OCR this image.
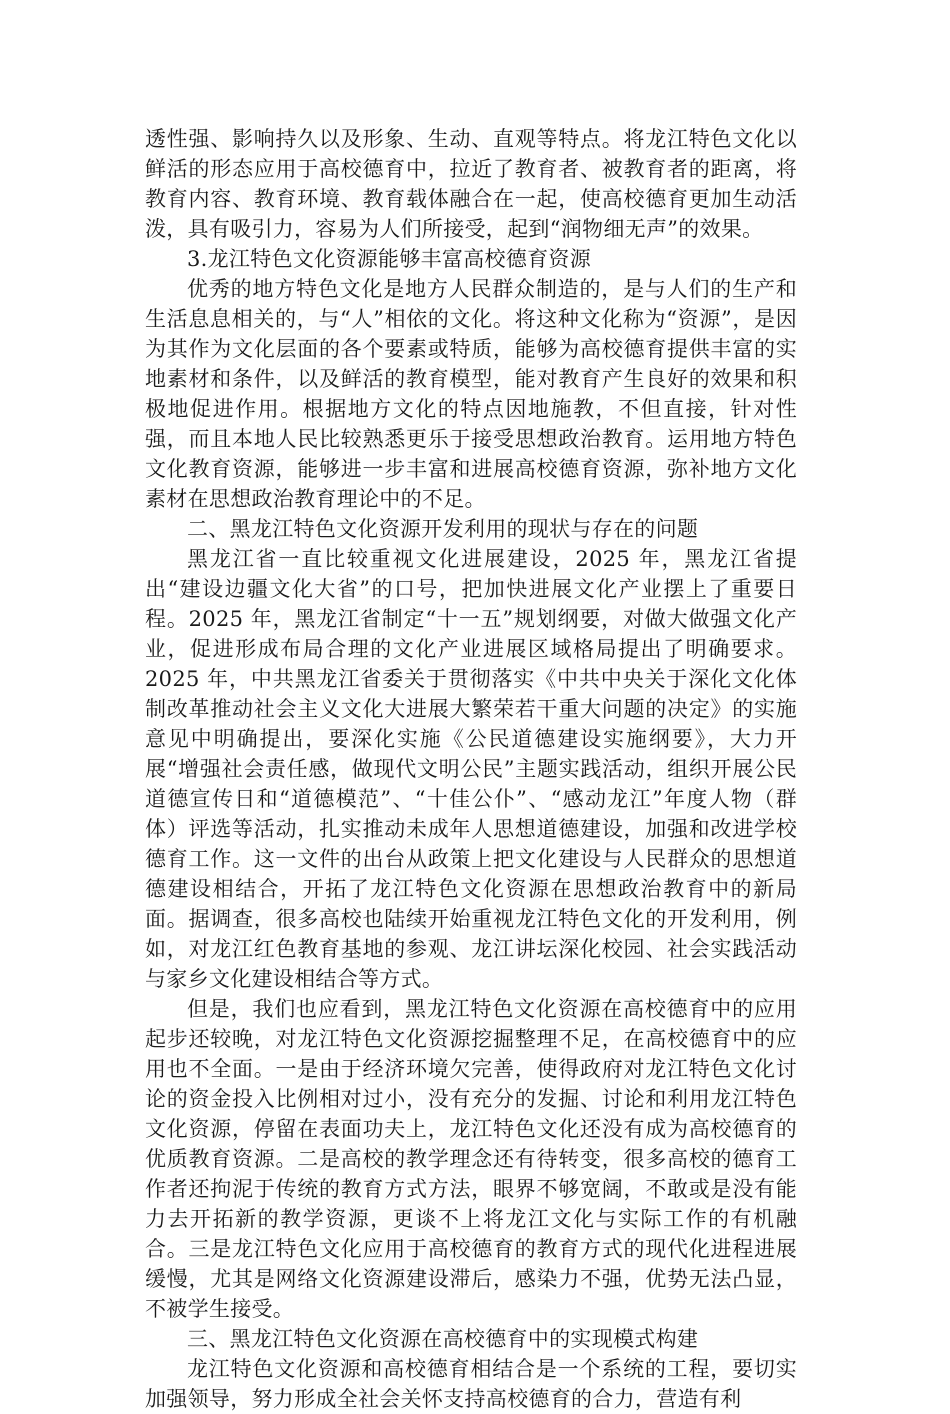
透性强、影响持久以及形象、生动、直观等特点。将龙江特色文化以鲜活的形态应用于高校德育中，拉近了教育者、被教育者的距离，将教育内容、教育环境、教育载体融合在一起，使高校德育更加生动活泼，具有吸引力，容易为人们所接受，起到“润物细无声”的效果。

3.龙江特色文化资源能够丰富高校德育资源

优秀的地方特色文化是地方人民群众制造的，是与人们的生产和生活息息相关的，与“人”相依的文化。将这种文化称为“资源”，是因为其作为文化层面的各个要素或特质，能够为高校德育提供丰富的实地素材和条件，以及鲜活的教育模型，能对教育产生良好的效果和积极地促进作用。根据地方文化的特点因地施教，不但直接，针对性强，而且本地人民比较熟悉更乐于接受思想政治教育。运用地方特色文化教育资源，能够进一步丰富和进展高校德育资源，弥补地方文化素材在思想政治教育理论中的不足。

二、黑龙江特色文化资源开发利用的现状与存在的问题

黑龙江省一直比较重视文化进展建设，2025 年，黑龙江省提出“建设边疆文化大省”的口号，把加快进展文化产业摆上了重要日程。2025 年，黑龙江省制定“十一五”规划纲要，对做大做强文化产业，促进形成布局合理的文化产业进展区域格局提出了明确要求。2025 年，中共黑龙江省委关于贯彻落实《中共中央关于深化文化体制改革推动社会主义文化大进展大繁荣若干重大问题的决定》的实施意见中明确提出，要深化实施《公民道德建设实施纲要》，大力开展“增强社会责任感，做现代文明公民”主题实践活动，组织开展公民道德宣传日和“道德模范”、“十佳公仆”、“感动龙江”年度人物（群体）评选等活动，扎实推动未成年人思想道德建设，加强和改进学校德育工作。这一文件的出台从政策上把文化建设与人民群众的思想道德建设相结合，开拓了龙江特色文化资源在思想政治教育中的新局面。据调查，很多高校也陆续开始重视龙江特色文化的开发利用，例如，对龙江红色教育基地的参观、龙江讲坛深化校园、社会实践活动与家乡文化建设相结合等方式。

但是，我们也应看到，黑龙江特色文化资源在高校德育中的应用起步还较晚，对龙江特色文化资源挖掘整理不足，在高校德育中的应用也不全面。一是由于经济环境欠完善，使得政府对龙江特色文化讨论的资金投入比例相对过小，没有充分的发掘、讨论和利用龙江特色文化资源，停留在表面功夫上，龙江特色文化还没有成为高校德育的优质教育资源。二是高校的教学理念还有待转变，很多高校的德育工作者还拘泥于传统的教育方式方法，眼界不够宽阔，不敢或是没有能力去开拓新的教学资源，更谈不上将龙江文化与实际工作的有机融合。三是龙江特色文化应用于高校德育的教育方式的现代化进程进展缓慢，尤其是网络文化资源建设滞后，感染力不强，优势无法凸显，不被学生接受。

三、黑龙江特色文化资源在高校德育中的实现模式构建

龙江特色文化资源和高校德育相结合是一个系统的工程，要切实加强领导，努力形成全社会关怀支持高校德育的合力，营造有利
